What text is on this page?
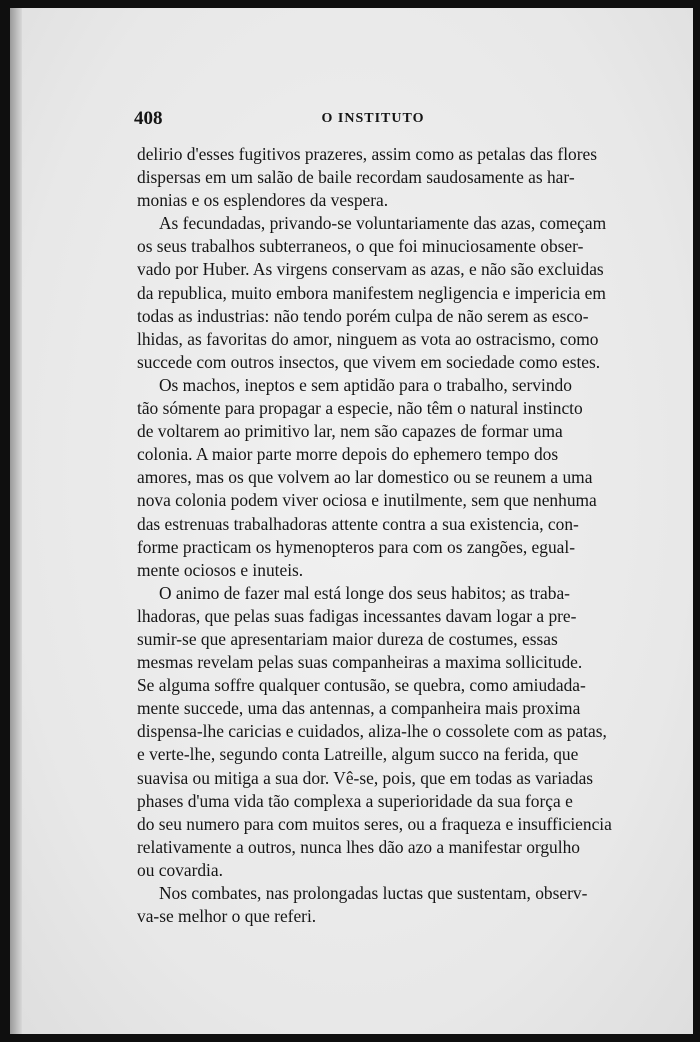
408	O INSTITUTO
delirio d'esses fugitivos prazeres, assim como as petalas das flores
dispersas em um salão de baile recordam saudosamente as har-
monias e os esplendores da vespera.
As fecundadas, privando-se voluntariamente das azas, começam
os seus trabalhos subterraneos, o que foi minuciosamente obser-
vado por Huber. As virgens conservam as azas, e não são excluidas
da republica, muito embora manifestem negligencia e impericia em
todas as industrias: não tendo porém culpa de não serem as esco-
lhidas, as favoritas do amor, ninguem as vota ao ostracismo, como
succede com outros insectos, que vivem em sociedade como estes.
Os machos, ineptos e sem aptidão para o trabalho, servindo
tão sómente para propagar a especie, não têm o natural instincto
de voltarem ao primitivo lar, nem são capazes de formar uma
colonia. A maior parte morre depois do ephemero tempo dos
amores, mas os que volvem ao lar domestico ou se reunem a uma
nova colonia podem viver ociosa e inutilmente, sem que nenhuma
das estrenuas trabalhadoras attente contra a sua existencia, con-
forme practicam os hymenopteros para com os zangões, egual-
mente ociosos e inuteis.
O animo de fazer mal está longe dos seus habitos; as traba-
lhadoras, que pelas suas fadigas incessantes davam logar a pre-
sumir-se que apresentariam maior dureza de costumes, essas
mesmas revelam pelas suas companheiras a maxima sollicitude.
Se alguma soffre qualquer contusão, se quebra, como amiudada-
mente succede, uma das antennas, a companheira mais proxima
dispensa-lhe caricias e cuidados, aliza-lhe o cossolete com as patas,
e verte-lhe, segundo conta Latreille, algum succo na ferida, que
suavisa ou mitiga a sua dor. Vê-se, pois, que em todas as variadas
phases d'uma vida tão complexa a superioridade da sua força e
do seu numero para com muitos seres, ou a fraqueza e insufficiencia
relativamente a outros, nunca lhes dão azo a manifestar orgulho
ou covardia.
Nos combates, nas prolongadas luctas que sustentam, observ-
va-se melhor o que referi.
